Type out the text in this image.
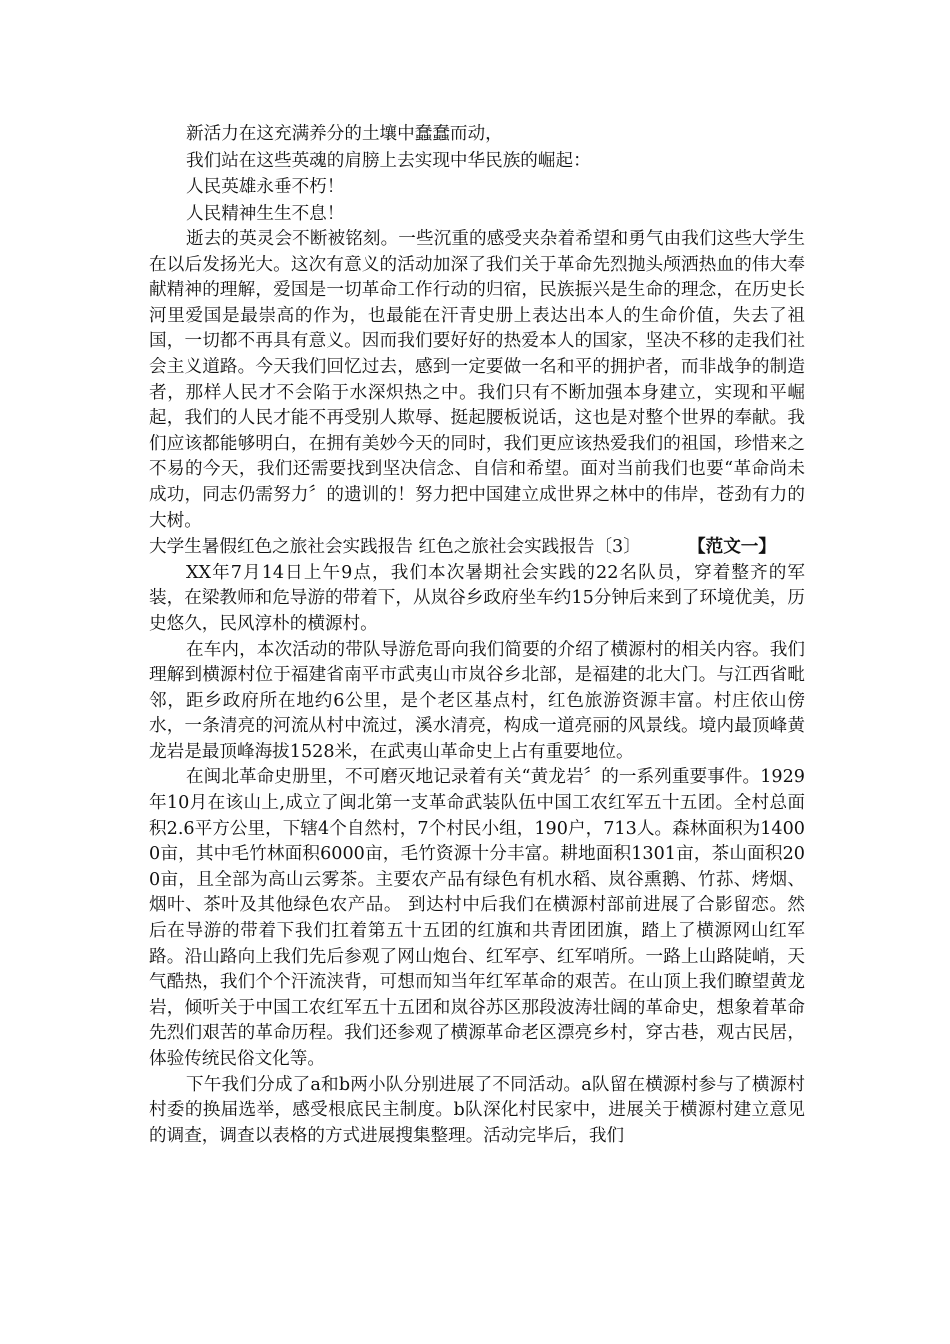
新活力在这充满养分的土壤中蠢蠢而动，

我们站在这些英魂的肩膀上去实现中华民族的崛起：

人民英雄永垂不朽！

人民精神生生不息！

逝去的英灵会不断被铭刻。一些沉重的感受夹杂着希望和勇气由我们这些大学生在以后发扬光大。这次有意义的活动加深了我们关于革命先烈抛头颅洒热血的伟大奉献精神的理解，爱国是一切革命工作行动的归宿，民族振兴是生命的理念，在历史长河里爱国是最崇高的作为，也最能在汗青史册上表达出本人的生命价值，失去了祖国，一切都不再具有意义。因而我们要好好的热爱本人的国家，坚决不移的走我们社会主义道路。今天我们回忆过去，感到一定要做一名和平的拥护者，而非战争的制造者，那样人民才不会陷于水深炽热之中。我们只有不断加强本身建立，实现和平崛起，我们的人民才能不再受别人欺辱、挺起腰板说话，这也是对整个世界的奉献。我们应该都能够明白，在拥有美妙今天的同时，我们更应该热爱我们的祖国，珍惜来之不易的今天，我们还需要找到坚决信念、自信和希望。面对当前我们也要“革命尚未成功，同志仍需努力〞的遗训的！努力把中国建立成世界之林中的伟岸，苍劲有力的大树。

大学生暑假红色之旅社会实践报告 红色之旅社会实践报告〔3〕	【范文一】

XX年7月14日上午9点，我们本次暑期社会实践的22名队员，穿着整齐的军装，在梁教师和危导游的带着下，从岚谷乡政府坐车约15分钟后来到了环境优美，历史悠久，民风淳朴的横源村。

在车内，本次活动的带队导游危哥向我们简要的介绍了横源村的相关内容。我们理解到横源村位于福建省南平市武夷山市岚谷乡北部，是福建的北大门。与江西省毗邻，距乡政府所在地约6公里，是个老区基点村，红色旅游资源丰富。村庄依山傍水，一条清亮的河流从村中流过，溪水清亮，构成一道亮丽的风景线。境内最顶峰黄龙岩是最顶峰海拔1528米，在武夷山革命史上占有重要地位。

在闽北革命史册里，不可磨灭地记录着有关“黄龙岩〞的一系列重要事件。1929年10月在该山上,成立了闽北第一支革命武装队伍中国工农红军五十五团。全村总面积2.6平方公里，下辖4个自然村，7个村民小组，190户，713人。森林面积为14000亩，其中毛竹林面积6000亩，毛竹资源十分丰富。耕地面积1301亩，茶山面积200亩，且全部为高山云雾茶。主要农产品有绿色有机水稻、岚谷熏鹅、竹荪、烤烟、烟叶、茶叶及其他绿色农产品。 到达村中后我们在横源村部前进展了合影留恋。然后在导游的带着下我们扛着第五十五团的红旗和共青团团旗，踏上了横源网山红军路。沿山路向上我们先后参观了网山炮台、红军亭、红军哨所。一路上山路陡峭，天气酷热，我们个个汗流浃背，可想而知当年红军革命的艰苦。在山顶上我们瞭望黄龙岩，倾听关于中国工农红军五十五团和岚谷苏区那段波涛壮阔的革命史，想象着革命先烈们艰苦的革命历程。我们还参观了横源革命老区漂亮乡村，穿古巷，观古民居，体验传统民俗文化等。

下午我们分成了a和b两小队分别进展了不同活动。a队留在横源村参与了横源村村委的换届选举，感受根底民主制度。b队深化村民家中，进展关于横源村建立意见的调查，调查以表格的方式进展搜集整理。活动完毕后，我们
